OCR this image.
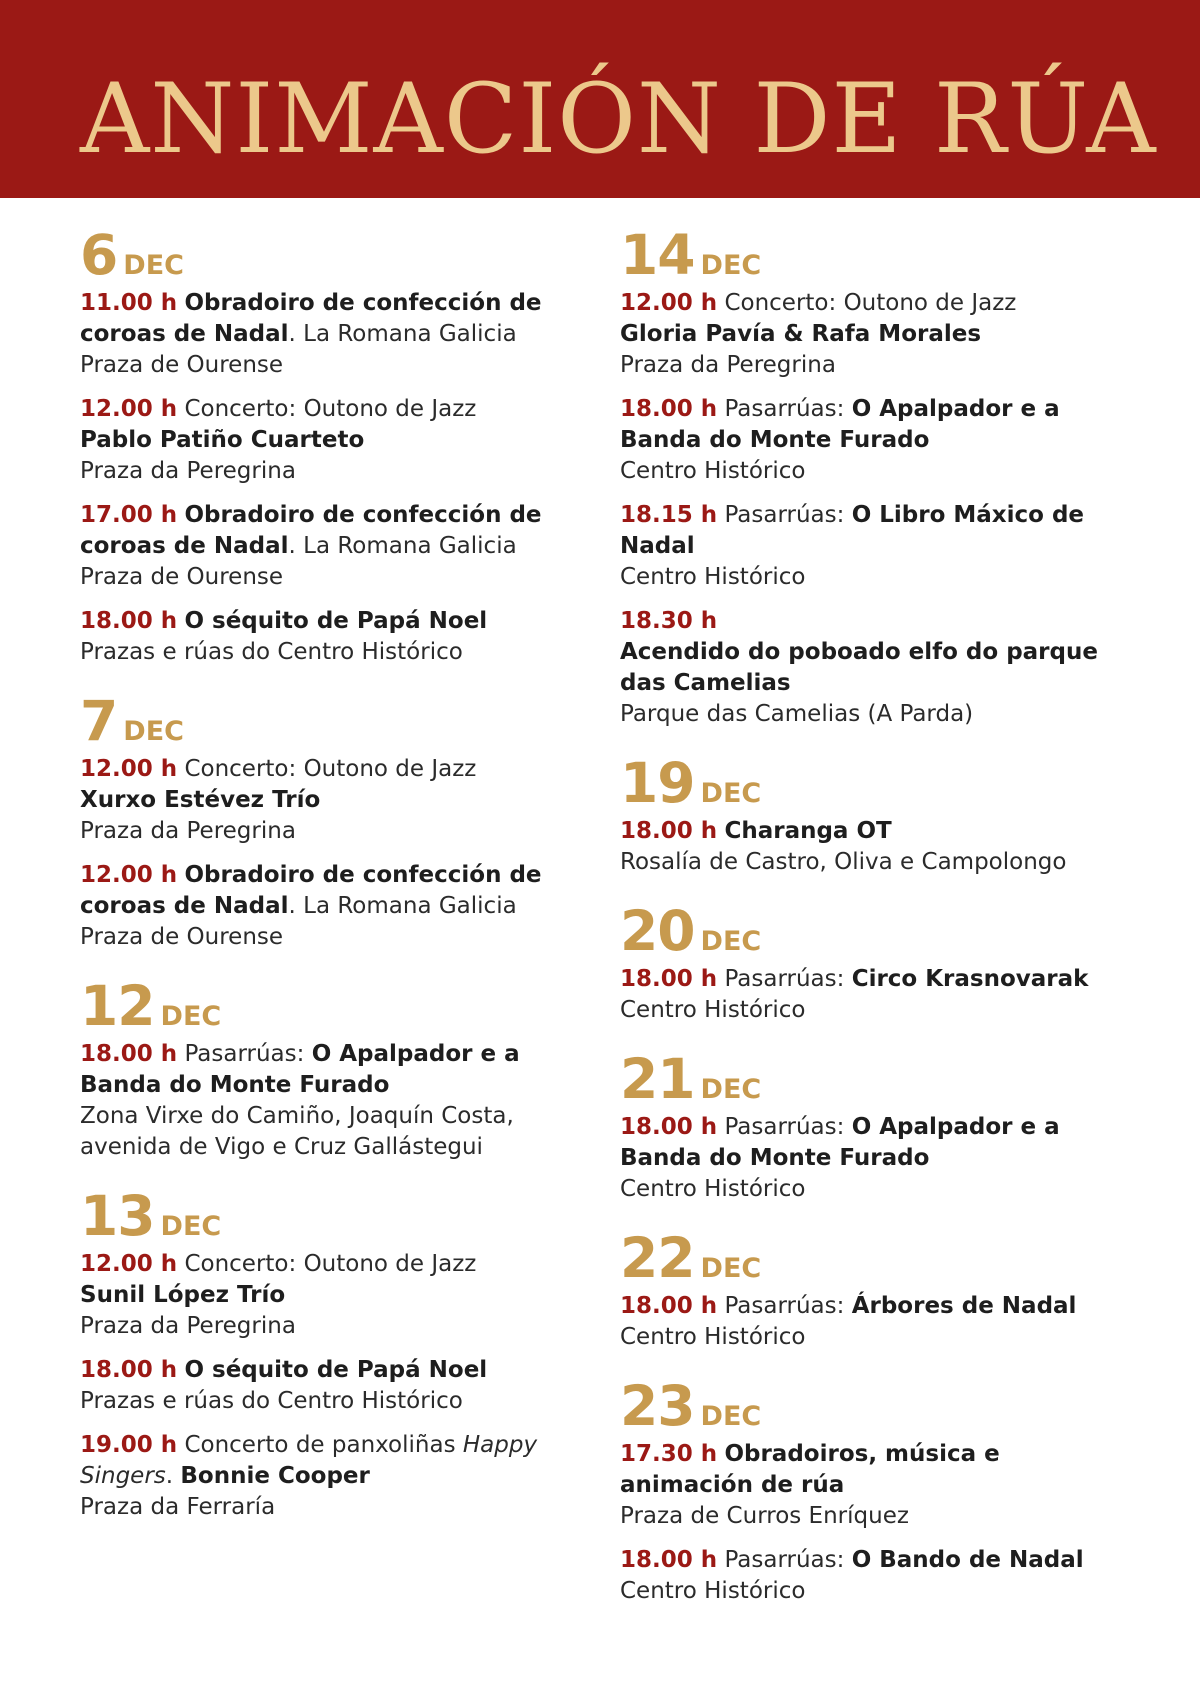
ANIMACIÓN DE RÚA
6 DEC

11.00 h Obradoiro de confección de coroas de Nadal. La Romana Galicia

Praza de Ourense

12.00 h Concerto: Outono de Jazz

Pablo Patiño Cuarteto

Praza da Peregrina

17.00 h Obradoiro de confección de coroas de Nadal. La Romana Galicia

Praza de Ourense

18.00 h O séquito de Papá Noel

Prazas e rúas do Centro Histórico

7 DEC

12.00 h Concerto: Outono de Jazz

Xurxo Estévez Trío

Praza da Peregrina

12.00 h Obradoiro de confección de coroas de Nadal. La Romana Galicia

Praza de Ourense

12 DEC

18.00 h Pasarrúas: O Apalpador e a Banda do Monte Furado

Zona Virxe do Camiño, Joaquín Costa, avenida de Vigo e Cruz Gallástegui

13 DEC

12.00 h Concerto: Outono de Jazz

Sunil López Trío

Praza da Peregrina

18.00 h O séquito de Papá Noel

Prazas e rúas do Centro Histórico

19.00 h Concerto de panxoliñas Happy Singers. Bonnie Cooper

Praza da Ferraría

14 DEC

12.00 h Concerto: Outono de Jazz

Gloria Pavía & Rafa Morales

Praza da Peregrina

18.00 h Pasarrúas: O Apalpador e a Banda do Monte Furado

Centro Histórico

18.15 h Pasarrúas: O Libro Máxico de Nadal

Centro Histórico

18.30 h

Acendido do poboado elfo do parque das Camelias

Parque das Camelias (A Parda)

19 DEC

18.00 h Charanga OT

Rosalía de Castro, Oliva e Campolongo

20 DEC

18.00 h Pasarrúas: Circo Krasnovarak

Centro Histórico

21 DEC

18.00 h Pasarrúas: O Apalpador e a Banda do Monte Furado

Centro Histórico

22 DEC

18.00 h Pasarrúas: Árbores de Nadal

Centro Histórico

23 DEC

17.30 h Obradoiros, música e animación de rúa

Praza de Curros Enríquez

18.00 h Pasarrúas: O Bando de Nadal

Centro Histórico
